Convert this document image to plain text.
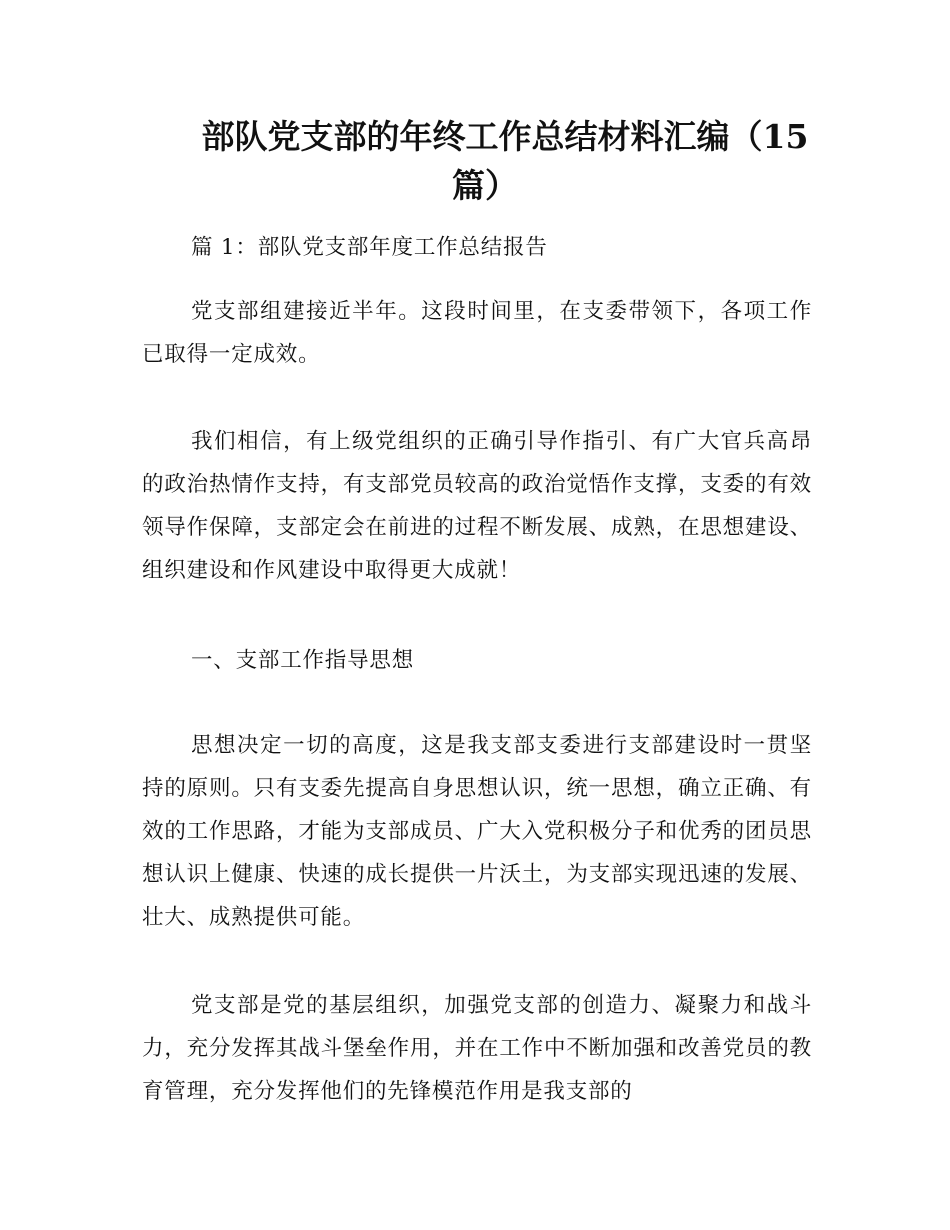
部队党支部的年终工作总结材料汇编（15
篇）

篇 1：部队党支部年度工作总结报告

党支部组建接近半年。这段时间里，在支委带领下，各项工作已取得一定成效。

我们相信，有上级党组织的正确引导作指引、有广大官兵高昂的政治热情作支持，有支部党员较高的政治觉悟作支撑，支委的有效领导作保障，支部定会在前进的过程不断发展、成熟，在思想建设、组织建设和作风建设中取得更大成就！

一、支部工作指导思想

思想决定一切的高度，这是我支部支委进行支部建设时一贯坚持的原则。只有支委先提高自身思想认识，统一思想，确立正确、有效的工作思路，才能为支部成员、广大入党积极分子和优秀的团员思想认识上健康、快速的成长提供一片沃土，为支部实现迅速的发展、壮大、成熟提供可能。

党支部是党的基层组织，加强党支部的创造力、凝聚力和战斗力，充分发挥其战斗堡垒作用，并在工作中不断加强和改善党员的教育管理，充分发挥他们的先锋模范作用是我支部的
